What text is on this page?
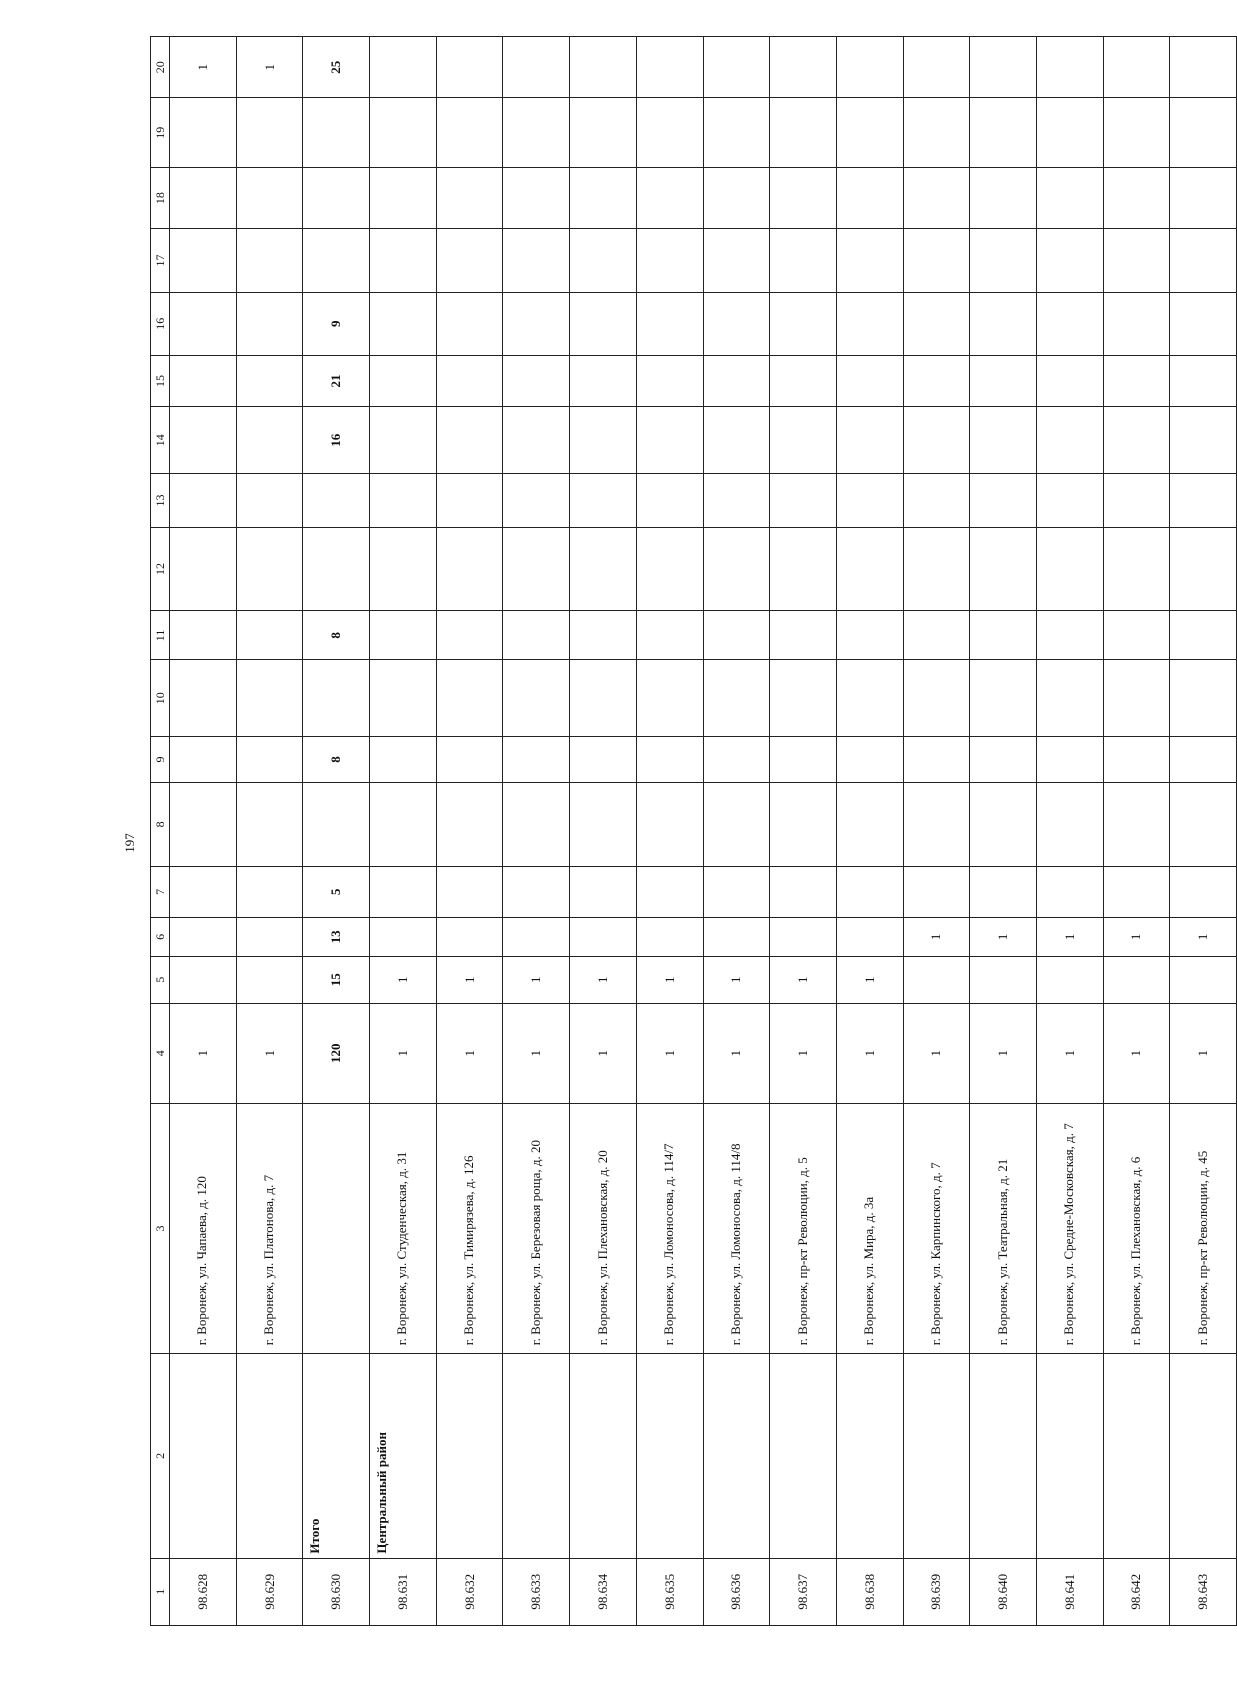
197
1	2	3	4	5	6	7	8	9	10	11	12	13	14	15	16	17	18	19	20
98.628		г. Воронеж, ул. Чапаева, д. 120	1																1
98.629		г. Воронеж, ул. Платонова, д. 7	1																1
98.630	Итого		120	15	13	5		8		8			16	21	9				25
98.631	Центральный район	г. Воронеж, ул. Студенческая, д. 31	1	1															
98.632		г. Воронеж, ул. Тимирязева, д. 126	1	1															
98.633		г. Воронеж, ул. Березовая роща, д. 20	1	1															
98.634		г. Воронеж, ул. Плехановская, д. 20	1	1															
98.635		г. Воронеж, ул. Ломоносова, д. 114/7	1	1															
98.636		г. Воронеж, ул. Ломоносова, д. 114/8	1	1															
98.637		г. Воронеж, пр-кт Революции, д. 5	1	1															
98.638		г. Воронеж, ул. Мира, д. 3а	1	1															
98.639		г. Воронеж, ул. Карпинского, д. 7	1		1														
98.640		г. Воронеж, ул. Театральная, д. 21	1		1														
98.641		г. Воронеж, ул. Средне-Московская, д. 7	1		1														
98.642		г. Воронеж, ул. Плехановская, д. 6	1		1														
98.643		г. Воронеж, пр-кт Революции, д. 45	1		1														
